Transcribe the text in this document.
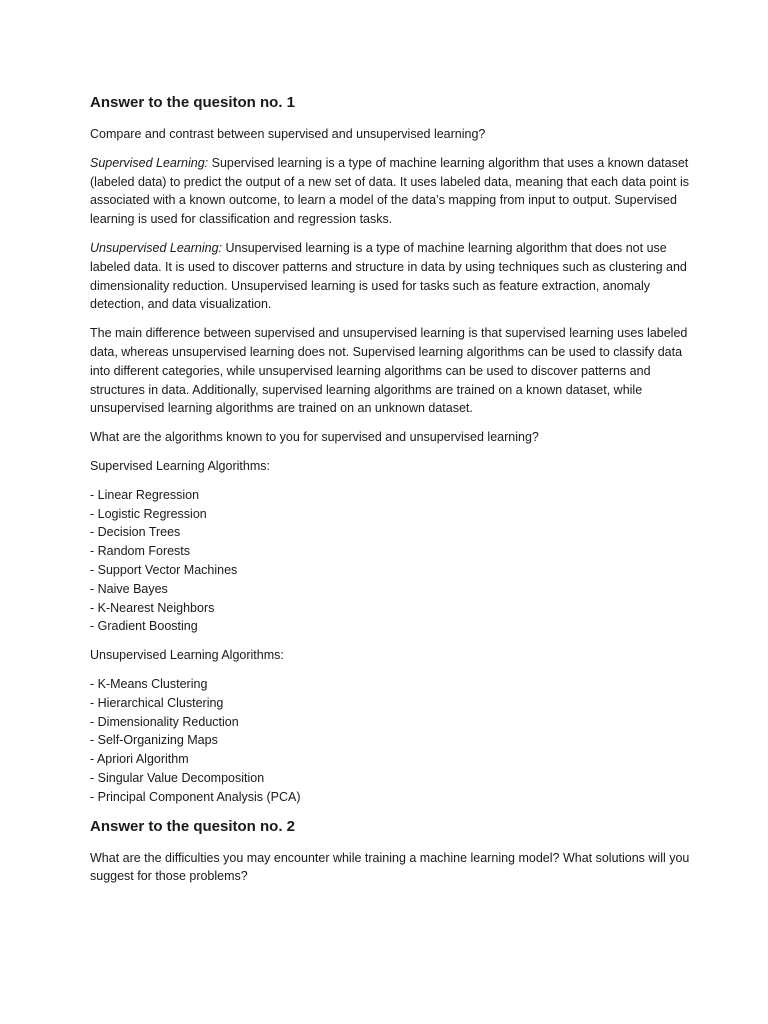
Answer to the quesiton no. 1

Compare and contrast between supervised and unsupervised learning?

Supervised Learning: Supervised learning is a type of machine learning algorithm that uses a known dataset (labeled data) to predict the output of a new set of data. It uses labeled data, meaning that each data point is associated with a known outcome, to learn a model of the data’s mapping from input to output. Supervised learning is used for classification and regression tasks.

Unsupervised Learning: Unsupervised learning is a type of machine learning algorithm that does not use labeled data. It is used to discover patterns and structure in data by using techniques such as clustering and dimensionality reduction. Unsupervised learning is used for tasks such as feature extraction, anomaly detection, and data visualization.

The main difference between supervised and unsupervised learning is that supervised learning uses labeled data, whereas unsupervised learning does not. Supervised learning algorithms can be used to classify data into different categories, while unsupervised learning algorithms can be used to discover patterns and structures in data. Additionally, supervised learning algorithms are trained on a known dataset, while unsupervised learning algorithms are trained on an unknown dataset.

What are the algorithms known to you for supervised and unsupervised learning?

Supervised Learning Algorithms:

- Linear Regression
- Logistic Regression
- Decision Trees
- Random Forests
- Support Vector Machines
- Naive Bayes
- K-Nearest Neighbors
- Gradient Boosting

Unsupervised Learning Algorithms:

- K-Means Clustering
- Hierarchical Clustering
- Dimensionality Reduction
- Self-Organizing Maps
- Apriori Algorithm
- Singular Value Decomposition
- Principal Component Analysis (PCA)
Answer to the quesiton no. 2

What are the difficulties you may encounter while training a machine learning model? What solutions will you suggest for those problems?
